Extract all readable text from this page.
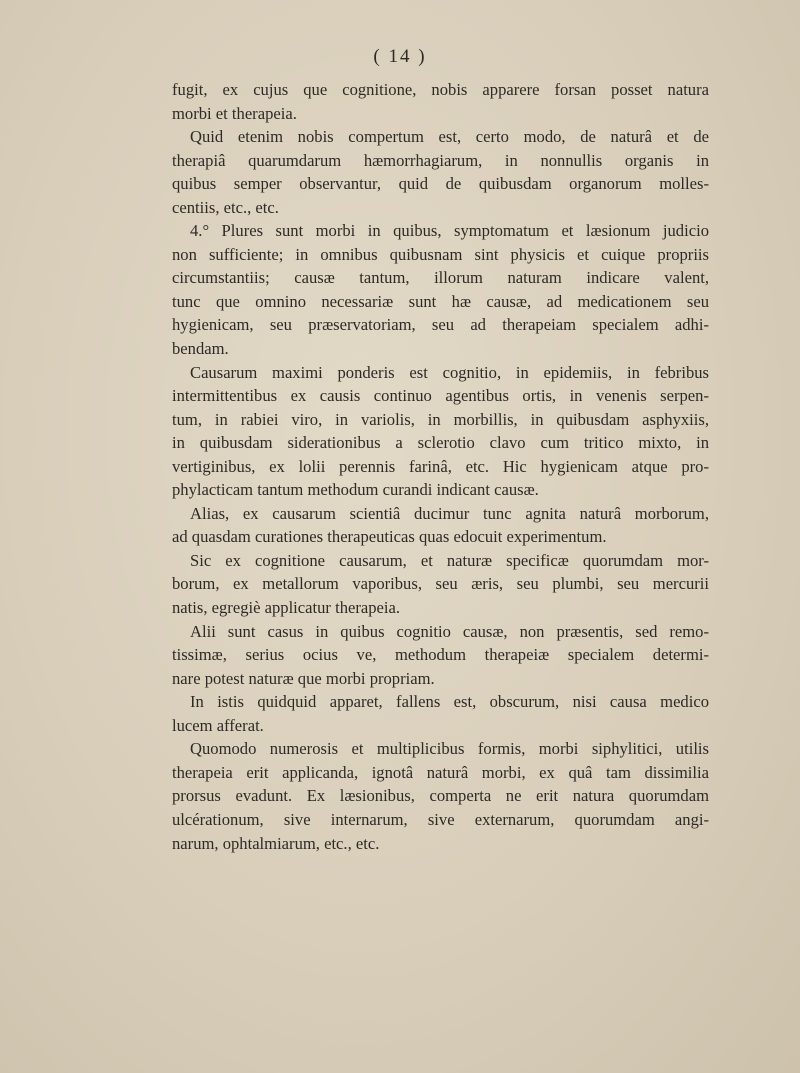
( 14 )
fugit, ex cujus que cognitione, nobis apparere forsan posset natura
morbi et therapeia.
Quid etenim nobis compertum est, certo modo, de naturâ et de
therapiâ quarumdarum hæmorrhagiarum, in nonnullis organis in
quibus semper observantur, quid de quibusdam organorum molles-
centiis, etc., etc.
4.° Plures sunt morbi in quibus, symptomatum et læsionum judicio
non sufficiente; in omnibus quibusnam sint physicis et cuique propriis
circumstantiis; causæ tantum, illorum naturam indicare valent,
tunc que omnino necessariæ sunt hæ causæ, ad medicationem seu
hygienicam, seu præservatoriam, seu ad therapeiam specialem adhi-
bendam.
Causarum maximi ponderis est cognitio, in epidemiis, in febribus
intermittentibus ex causis continuo agentibus ortis, in venenis serpen-
tum, in rabiei viro, in variolis, in morbillis, in quibusdam asphyxiis,
in quibusdam siderationibus a sclerotio clavo cum tritico mixto, in
vertiginibus, ex lolii perennis farinâ, etc. Hic hygienicam atque pro-
phylacticam tantum methodum curandi indicant causæ.
Alias, ex causarum scientiâ ducimur tunc agnita naturâ morborum,
ad quasdam curationes therapeuticas quas edocuit experimentum.
Sic ex cognitione causarum, et naturæ specificæ quorumdam mor-
borum, ex metallorum vaporibus, seu æris, seu plumbi, seu mercurii
natis, egregiè applicatur therapeia.
Alii sunt casus in quibus cognitio causæ, non præsentis, sed remo-
tissimæ, serius ocius ve, methodum therapeiæ specialem determi-
nare potest naturæ que morbi propriam.
In istis quidquid apparet, fallens est, obscurum, nisi causa medico
lucem afferat.
Quomodo numerosis et multiplicibus formis, morbi siphylitici, utilis
therapeia erit applicanda, ignotâ naturâ morbi, ex quâ tam dissimilia
prorsus evadunt. Ex læsionibus, comperta ne erit natura quorumdam
ulcérationum, sive internarum, sive externarum, quorumdam angi-
narum, ophtalmiarum, etc., etc.
